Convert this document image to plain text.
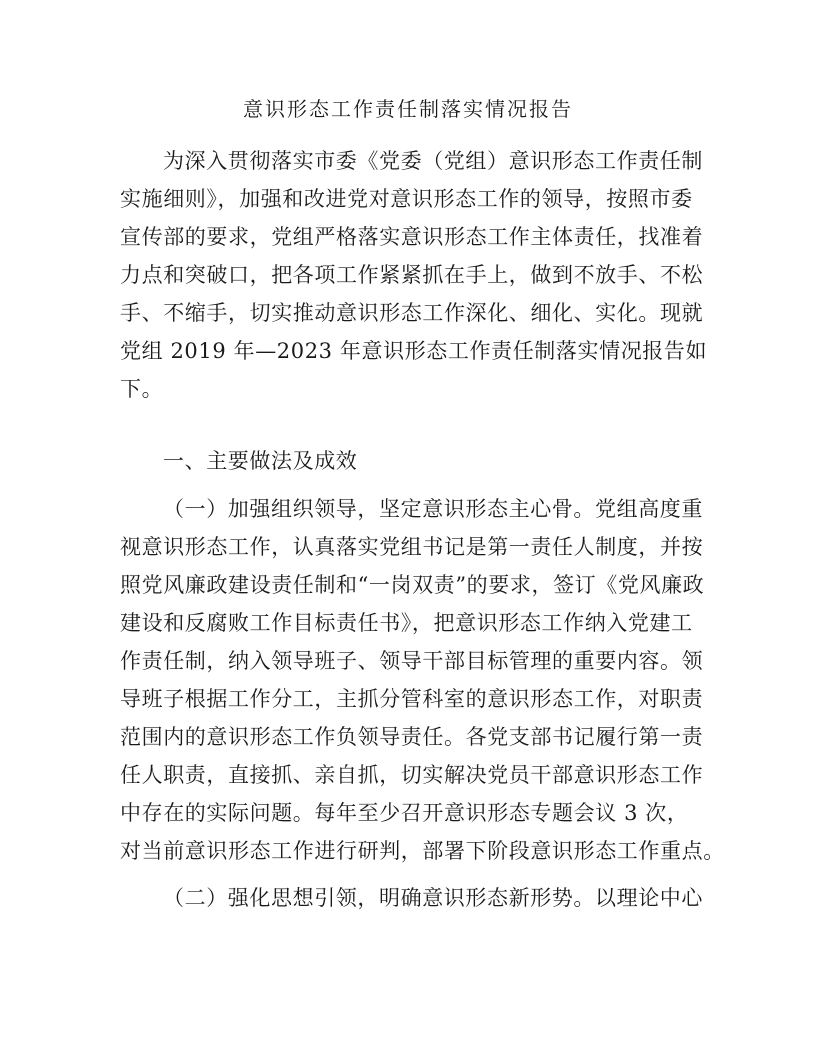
意识形态工作责任制落实情况报告
为深入贯彻落实市委《党委（党组）意识形态工作责任制
实施细则》，加强和改进党对意识形态工作的领导，按照市委
宣传部的要求，党组严格落实意识形态工作主体责任，找准着
力点和突破口，把各项工作紧紧抓在手上，做到不放手、不松
手、不缩手，切实推动意识形态工作深化、细化、实化。现就
党组 2019 年—2023 年意识形态工作责任制落实情况报告如
下。
一、主要做法及成效
（一）加强组织领导，坚定意识形态主心骨。党组高度重
视意识形态工作，认真落实党组书记是第一责任人制度，并按
照党风廉政建设责任制和“一岗双责”的要求，签订《党风廉政
建设和反腐败工作目标责任书》，把意识形态工作纳入党建工
作责任制，纳入领导班子、领导干部目标管理的重要内容。领
导班子根据工作分工，主抓分管科室的意识形态工作，对职责
范围内的意识形态工作负领导责任。各党支部书记履行第一责
任人职责，直接抓、亲自抓，切实解决党员干部意识形态工作
中存在的实际问题。每年至少召开意识形态专题会议 3 次，
对当前意识形态工作进行研判，部署下阶段意识形态工作重点。
（二）强化思想引领，明确意识形态新形势。以理论中心
